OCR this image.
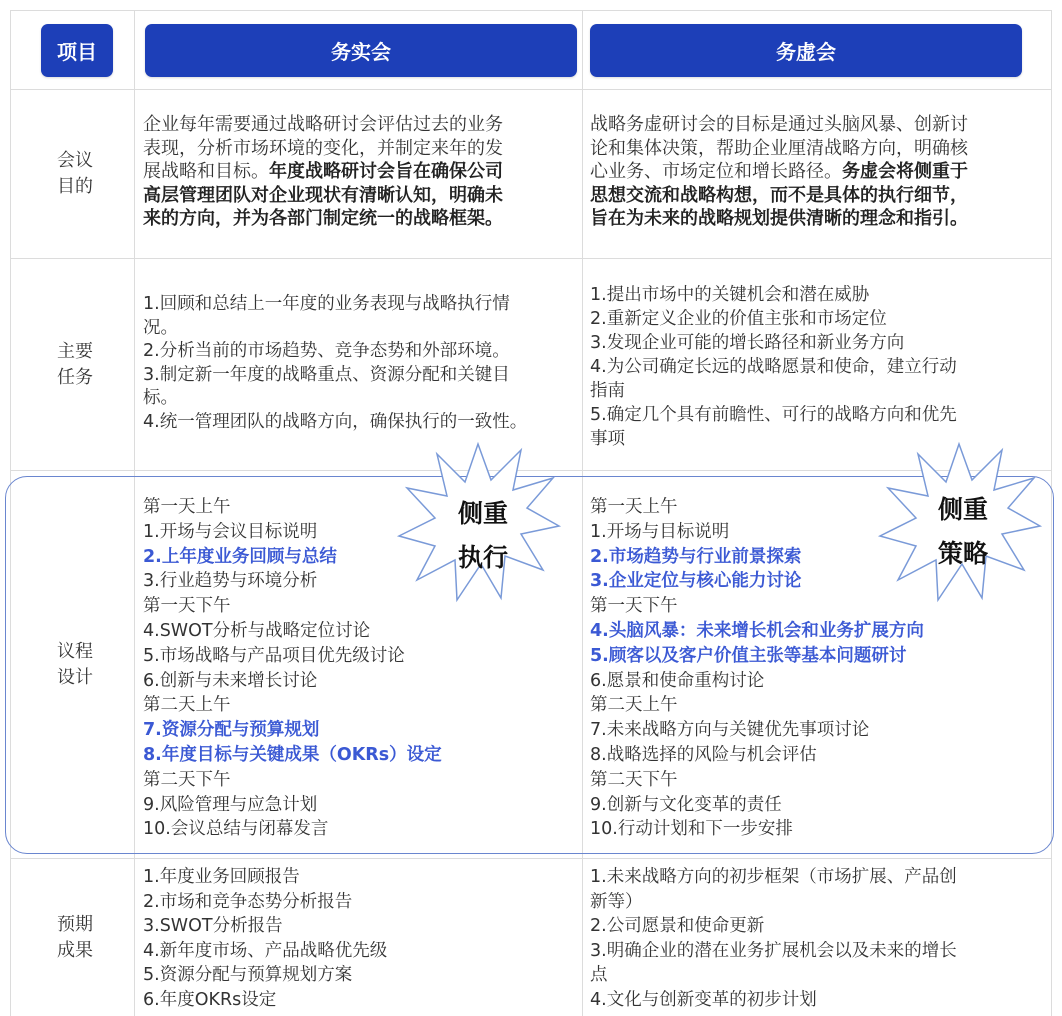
项目	务实会	务虚会
会议
目的
企业每年需要通过战略研讨会评估过去的业务
表现，分析市场环境的变化，并制定来年的发
展战略和目标。年度战略研讨会旨在确保公司
高层管理团队对企业现状有清晰认知，明确未
来的方向，并为各部门制定统一的战略框架。
战略务虚研讨会的目标是通过头脑风暴、创新讨
论和集体决策，帮助企业厘清战略方向，明确核
心业务、市场定位和增长路径。务虚会将侧重于
思想交流和战略构想，而不是具体的执行细节，
旨在为未来的战略规划提供清晰的理念和指引。
主要
任务
1.回顾和总结上一年度的业务表现与战略执行情
况。
2.分析当前的市场趋势、竞争态势和外部环境。
3.制定新一年度的战略重点、资源分配和关键目
标。
4.统一管理团队的战略方向，确保执行的一致性。
1.提出市场中的关键机会和潜在威胁
2.重新定义企业的价值主张和市场定位
3.发现企业可能的增长路径和新业务方向
4.为公司确定长远的战略愿景和使命，建立行动
指南
5.确定几个具有前瞻性、可行的战略方向和优先
事项
议程
设计
第一天上午
1.开场与会议目标说明
2.上年度业务回顾与总结
3.行业趋势与环境分析
第一天下午
4.SWOT分析与战略定位讨论
5.市场战略与产品项目优先级讨论
6.创新与未来增长讨论
第二天上午
7.资源分配与预算规划
8.年度目标与关键成果（OKRs）设定
第二天下午
9.风险管理与应急计划
10.会议总结与闭幕发言
第一天上午
1.开场与目标说明
2.市场趋势与行业前景探索
3.企业定位与核心能力讨论
第一天下午
4.头脑风暴：未来增长机会和业务扩展方向
5.顾客以及客户价值主张等基本问题研讨
6.愿景和使命重构讨论
第二天上午
7.未来战略方向与关键优先事项讨论
8.战略选择的风险与机会评估
第二天下午
9.创新与文化变革的责任
10.行动计划和下一步安排
侧重
执行
侧重
策略
预期
成果
1.年度业务回顾报告
2.市场和竞争态势分析报告
3.SWOT分析报告
4.新年度市场、产品战略优先级
5.资源分配与预算规划方案
6.年度OKRs设定
1.未来战略方向的初步框架（市场扩展、产品创
新等）
2.公司愿景和使命更新
3.明确企业的潜在业务扩展机会以及未来的增长
点
4.文化与创新变革的初步计划
